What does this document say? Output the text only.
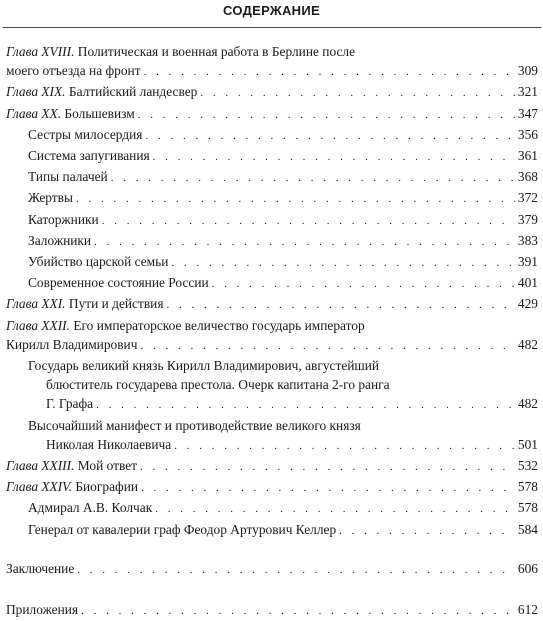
СОДЕРЖАНИЕ
Глава XVIII. Политическая и военная работа в Берлине после
моего отъезда на фронт . . .	309
Глава XIX. Балтийский ландесвер . . .	321
Глава XX. Большевизм . . .	347
Сестры милосердия . . .	356
Система запугивания . . .	361
Типы палачей . . .	368
Жертвы . . .	372
Каторжники . . .	379
Заложники . . .	383
Убийство царской семьи . . .	391
Современное состояние России . . .	401
Глава XXI. Пути и действия . . .	429
Глава XXII. Его императорское величество государь император
Кирилл Владимирович . . .	482
Государь великий князь Кирилл Владимирович, августейший
блюститель государева престола. Очерк капитана 2-го ранга
Г. Графа . . .	482
Высочайший манифест и противодействие великого князя
Николая Николаевича . . .	501
Глава XXIII. Мой ответ . . .	532
Глава XXIV. Биографии . . .	578
Адмирал А.В. Колчак . . .	578
Генерал от кавалерии граф Феодор Артурович Келлер . . .	584
Заключение . . .	606
Приложения . . .	612
